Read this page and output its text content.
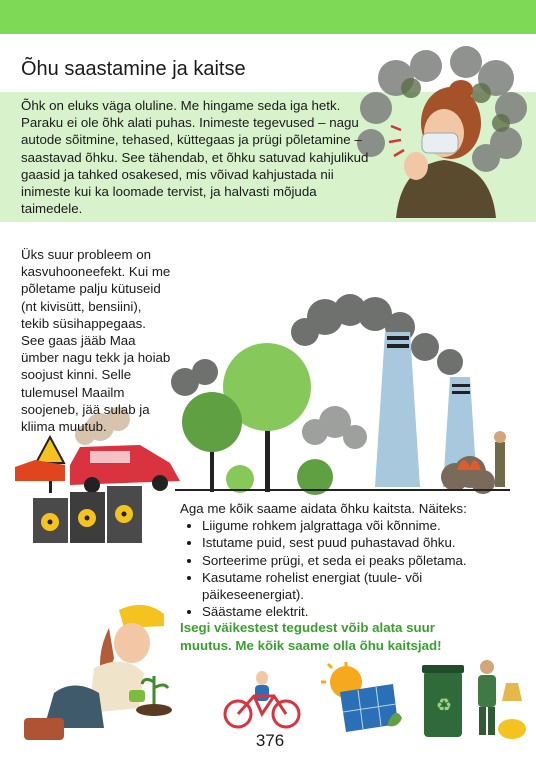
♻
Õhu saastamine ja kaitse
Õhk on eluks väga oluline. Me hingame seda iga hetk. Paraku ei ole õhk alati puhas. Inimeste tegevused – nagu autode sõitmine, tehased, küttegaas ja prügi põletamine – saastavad õhku. See tähendab, et õhku satuvad kahjulikud gaasid ja tahked osakesed, mis võivad kahjustada nii inimeste kui ka loomade tervist, ja halvasti mõjuda taimedele.
Üks suur probleem on kasvuhooneefekt. Kui me põletame palju kütuseid (nt kivisütt, bensiini), tekib süsihappegaas. See gaas jääb Maa ümber nagu tekk ja hoiab soojust kinni. Selle tulemusel Maailm soojeneb, jää sulab ja kliima muutub.
Aga me kõik saame aidata õhku kaitsta. Näiteks:
• Liigume rohkem jalgrattaga või kõnnime.
• Istutame puid, sest puud puhastavad õhku.
• Sorteerime prügi, et seda ei peaks põletama.
• Kasutame rohelist energiat (tuule- või päikeseenergiat).
• Säästame elektrit.
Isegi väikestest tegudest võib alata suur muutus. Me kõik saame olla õhu kaitsjad!
376
